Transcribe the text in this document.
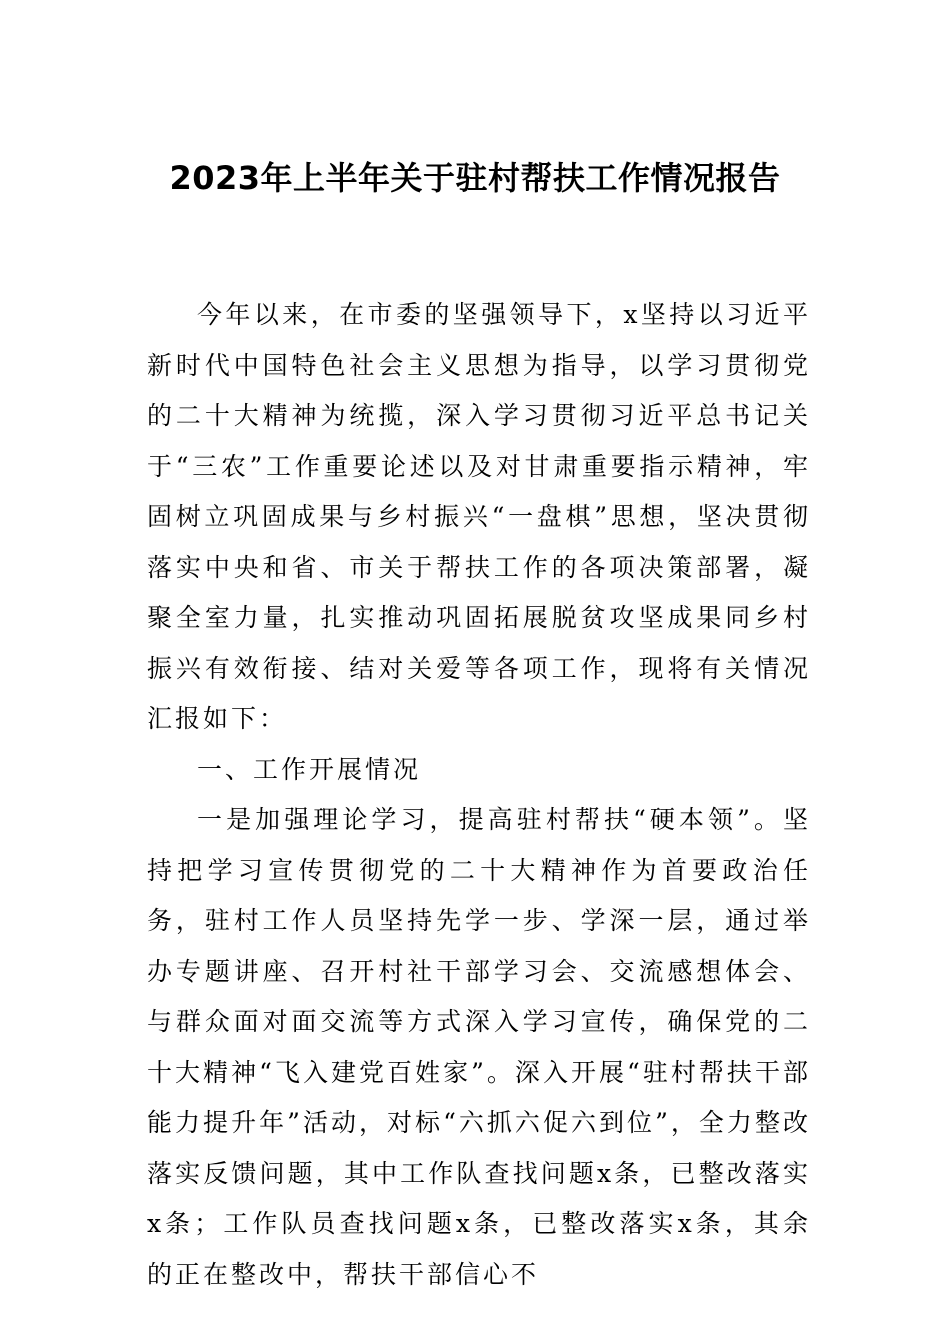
2023年上半年关于驻村帮扶工作情况报告

今年以来，在市委的坚强领导下，x坚持以习近平新时代中国特色社会主义思想为指导，以学习贯彻党的二十大精神为统揽，深入学习贯彻习近平总书记关于“三农”工作重要论述以及对甘肃重要指示精神，牢固树立巩固成果与乡村振兴“一盘棋”思想，坚决贯彻落实中央和省、市关于帮扶工作的各项决策部署，凝聚全室力量，扎实推动巩固拓展脱贫攻坚成果同乡村振兴有效衔接、结对关爱等各项工作，现将有关情况汇报如下：

一、工作开展情况

一是加强理论学习，提高驻村帮扶“硬本领”。坚持把学习宣传贯彻党的二十大精神作为首要政治任务，驻村工作人员坚持先学一步、学深一层，通过举办专题讲座、召开村社干部学习会、交流感想体会、与群众面对面交流等方式深入学习宣传，确保党的二十大精神“飞入建党百姓家”。深入开展“驻村帮扶干部能力提升年”活动，对标“六抓六促六到位”，全力整改落实反馈问题，其中工作队查找问题x条，已整改落实x条；工作队员查找问题x条，已整改落实x条，其余的正在整改中，帮扶干部信心不
